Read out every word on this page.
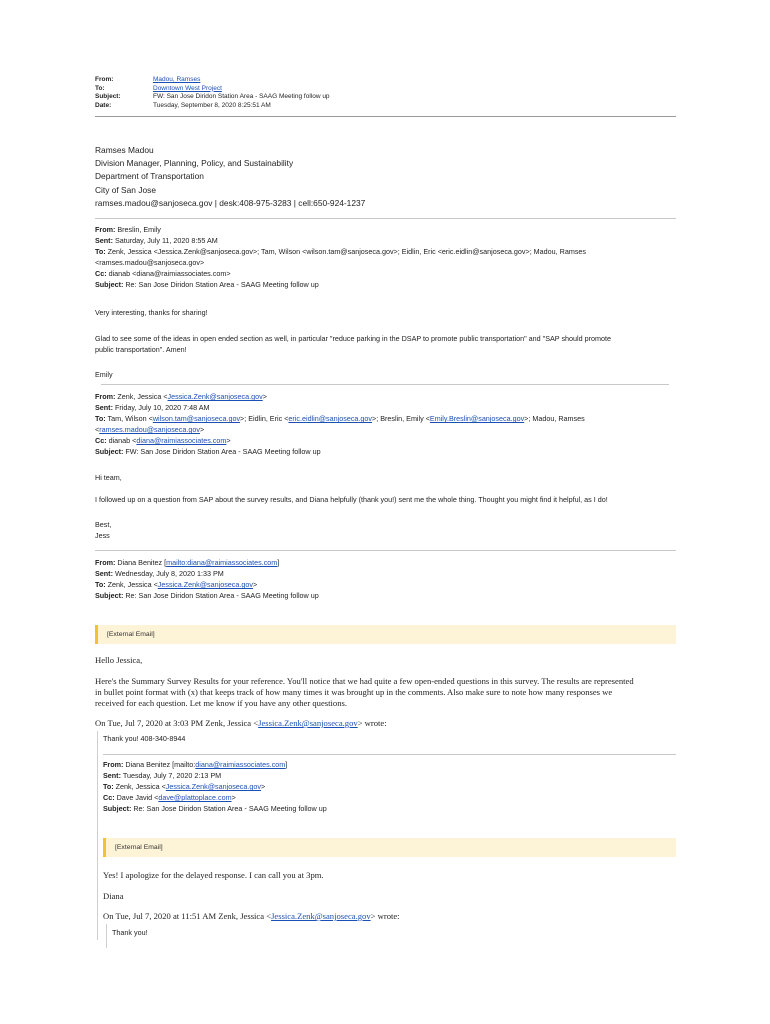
From:	Madou, Ramses
To:	Downtown West Project
Subject:	FW: San Jose Diridon Station Area - SAAG Meeting follow up
Date:	Tuesday, September 8, 2020 8:25:51 AM
Ramses Madou
Division Manager, Planning, Policy, and Sustainability
Department of Transportation
City of San Jose
ramses.madou@sanjoseca.gov | desk:408-975-3283 | cell:650-924-1237
From: Breslin, Emily
Sent: Saturday, July 11, 2020 8:55 AM
To: Zenk, Jessica <Jessica.Zenk@sanjoseca.gov>; Tam, Wilson <wilson.tam@sanjoseca.gov>; Eidlin, Eric <eric.eidlin@sanjoseca.gov>; Madou, Ramses
<ramses.madou@sanjoseca.gov>
Cc: dianab <diana@raimiassociates.com>
Subject: Re: San Jose Diridon Station Area - SAAG Meeting follow up
Very interesting, thanks for sharing!
Glad to see some of the ideas in open ended section as well, in particular "reduce parking in the DSAP to promote public transportation" and "SAP should promote
public transportation". Amen!
Emily
From: Zenk, Jessica <Jessica.Zenk@sanjoseca.gov>
Sent: Friday, July 10, 2020 7:48 AM
To: Tam, Wilson <wilson.tam@sanjoseca.gov>; Eidlin, Eric <eric.eidlin@sanjoseca.gov>; Breslin, Emily <Emily.Breslin@sanjoseca.gov>; Madou, Ramses
<ramses.madou@sanjoseca.gov>
Cc: dianab <diana@raimiassociates.com>
Subject: FW: San Jose Diridon Station Area - SAAG Meeting follow up
Hi team,
I followed up on a question from SAP about the survey results, and Diana helpfully (thank you!) sent me the whole thing. Thought you might find it helpful, as I do!
Best,
Jess
From: Diana Benitez [mailto:diana@raimiassociates.com]
Sent: Wednesday, July 8, 2020 1:33 PM
To: Zenk, Jessica <Jessica.Zenk@sanjoseca.gov>
Subject: Re: San Jose Diridon Station Area - SAAG Meeting follow up
[External Email]
Hello Jessica,
Here's the Summary Survey Results for your reference. You'll notice that we had quite a few open-ended questions in this survey. The results are represented
in bullet point format with (x) that keeps track of how many times it was brought up in the comments. Also make sure to note how many responses we
received for each question. Let me know if you have any other questions.
On Tue, Jul 7, 2020 at 3:03 PM Zenk, Jessica <Jessica.Zenk@sanjoseca.gov> wrote:
Thank you! 408-340-8944
From: Diana Benitez [mailto:diana@raimiassociates.com]
Sent: Tuesday, July 7, 2020 2:13 PM
To: Zenk, Jessica <Jessica.Zenk@sanjoseca.gov>
Cc: Dave Javid <dave@plattoplace.com>
Subject: Re: San Jose Diridon Station Area - SAAG Meeting follow up
[External Email]
Yes! I apologize for the delayed response. I can call you at 3pm.
Diana
On Tue, Jul 7, 2020 at 11:51 AM Zenk, Jessica <Jessica.Zenk@sanjoseca.gov> wrote:
Thank you!
